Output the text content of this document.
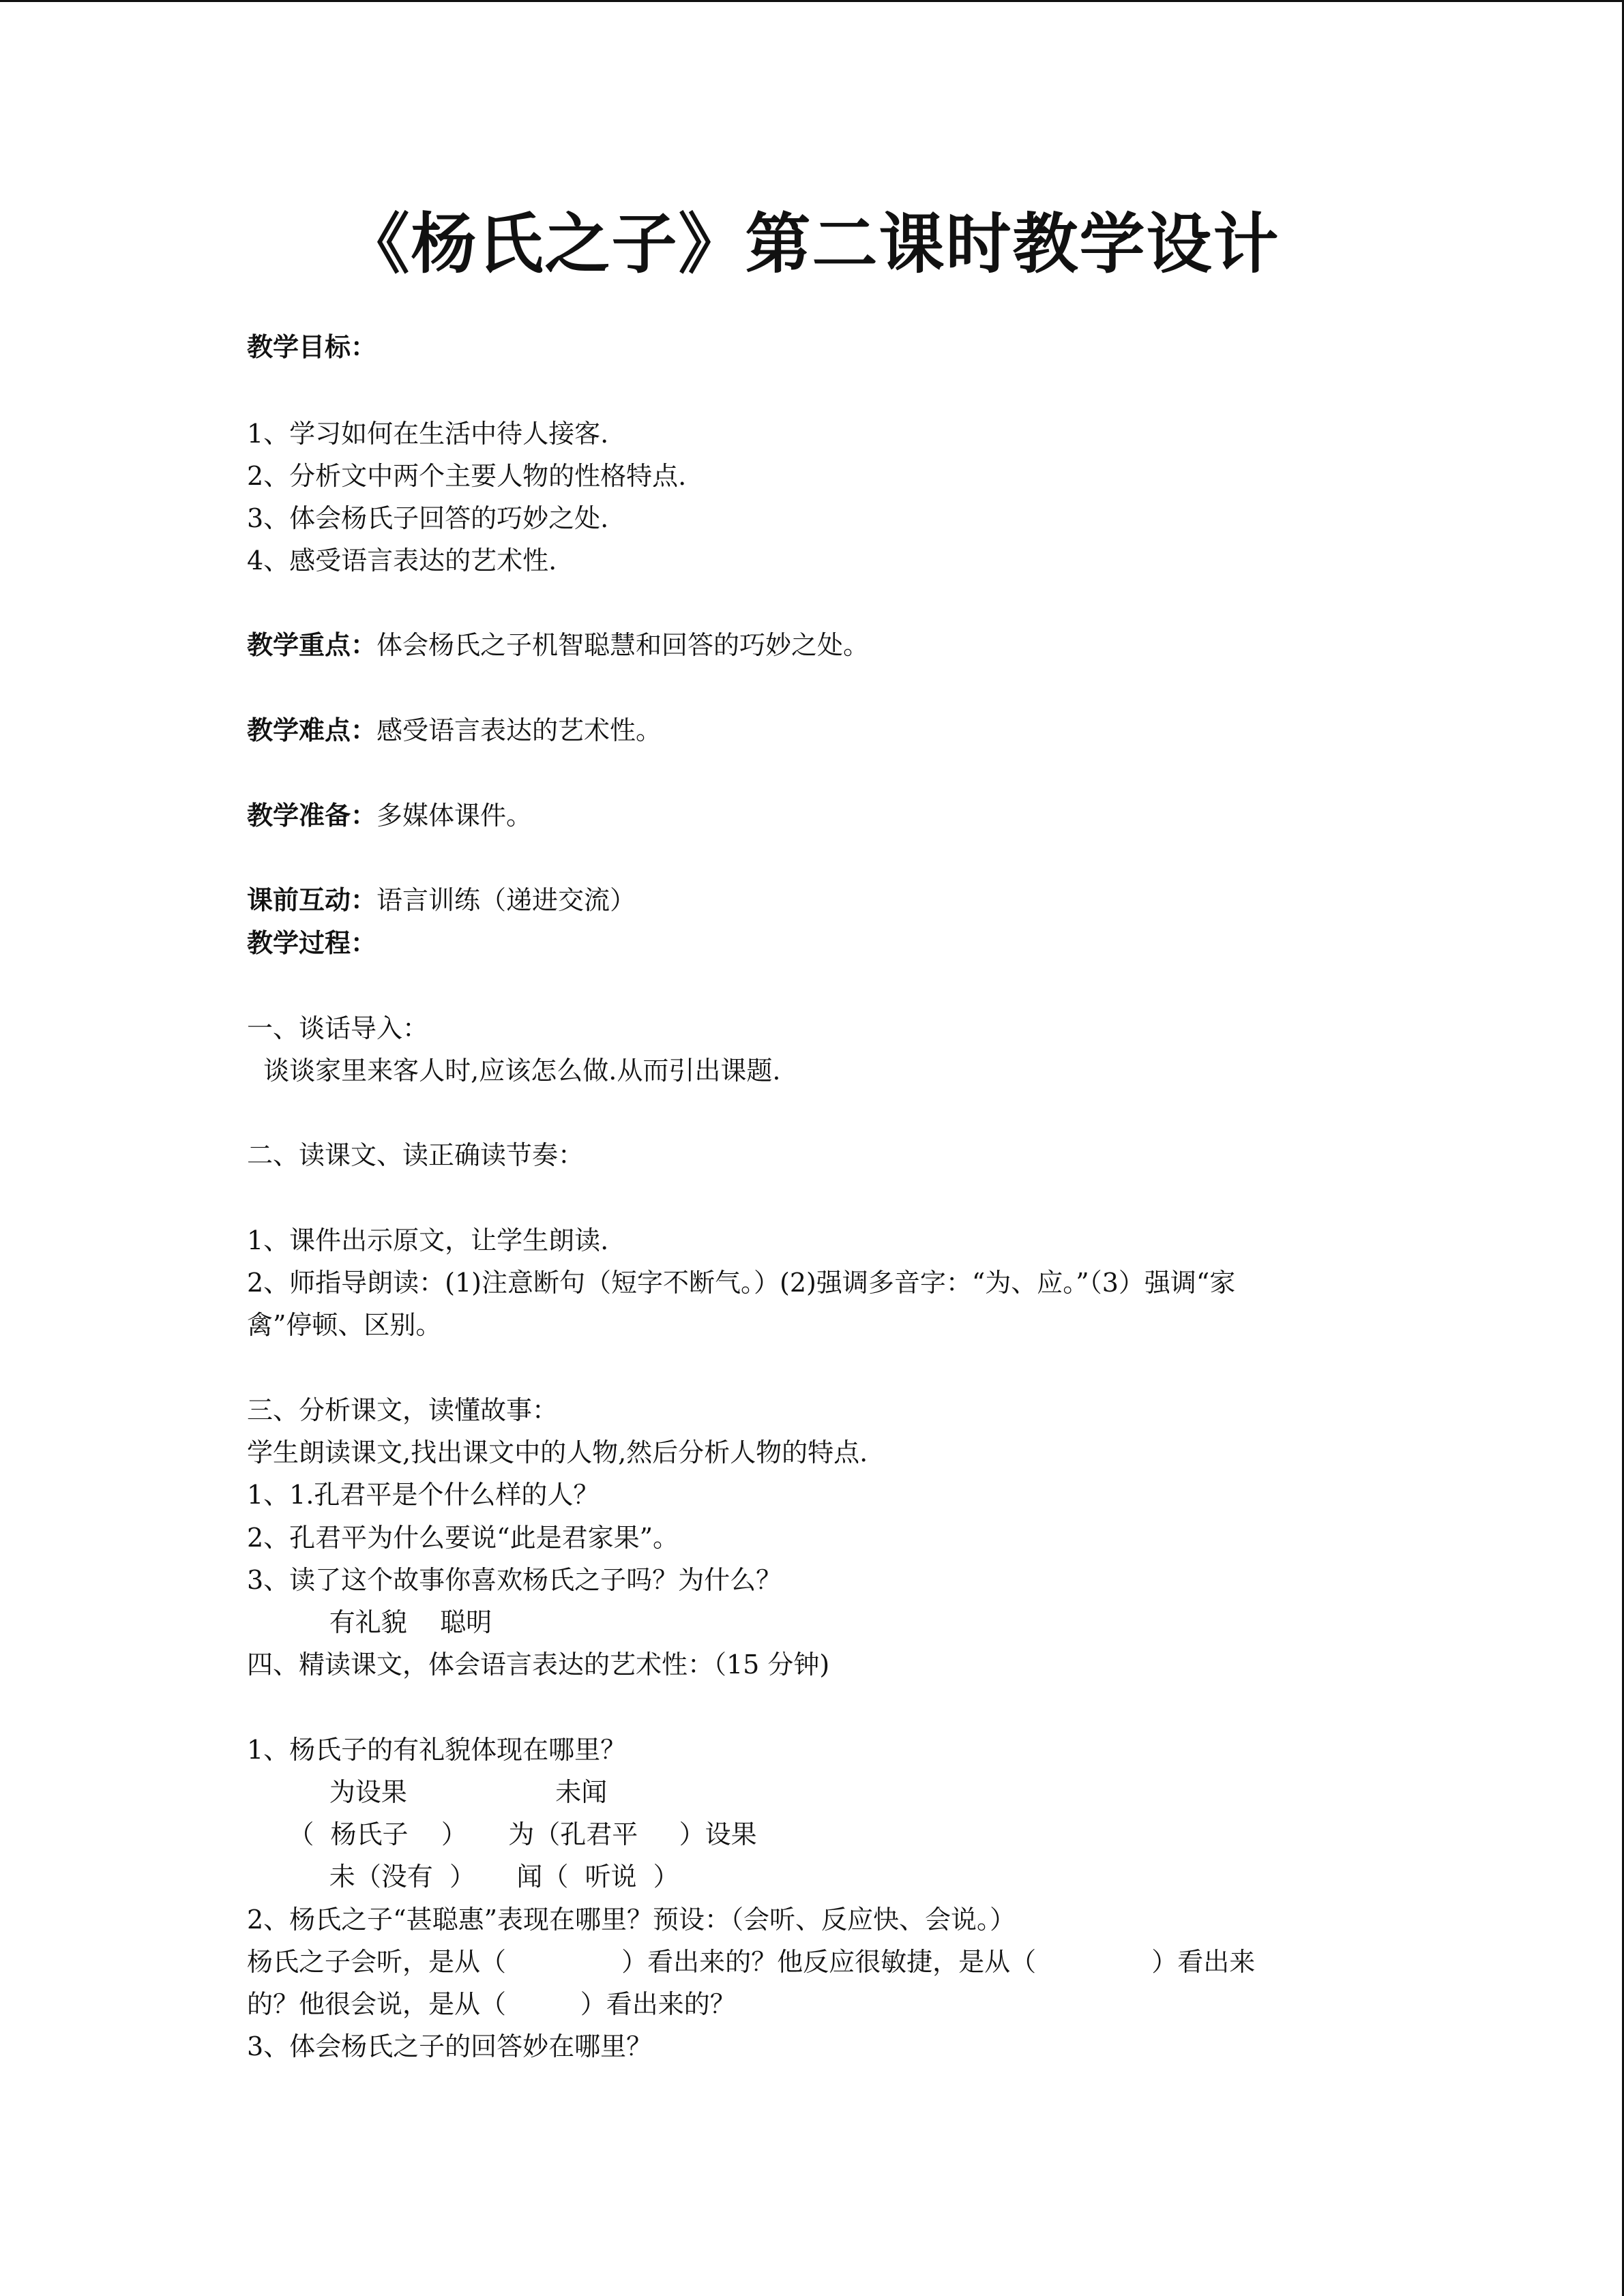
《杨氏之子》第二课时教学设计

教学目标：

1、学习如何在生活中待人接客.

2、分析文中两个主要人物的性格特点.

3、体会杨氏子回答的巧妙之处.

4、感受语言表达的艺术性.

教学重点：体会杨氏之子机智聪慧和回答的巧妙之处。

教学难点：感受语言表达的艺术性。

教学准备：多媒体课件。

课前互动：语言训练（递进交流）

教学过程：

一、谈话导入：

谈谈家里来客人时,应该怎么做.从而引出课题.

二、读课文、读正确读节奏：

1、课件出示原文，让学生朗读.

2、师指导朗读：(1)注意断句（短字不断气。）(2)强调多音字：“为、应。”（3）强调“家

禽”停顿、区别。

三、分析课文，读懂故事：

学生朗读课文,找出课文中的人物,然后分析人物的特点.

1、1.孔君平是个什么样的人？

2、孔君平为什么要说“此是君家果”。

3、读了这个故事你喜欢杨氏之子吗？为什么？

有礼貌    聪明

四、精读课文，体会语言表达的艺术性：（15 分钟)

1、杨氏子的有礼貌体现在哪里？

为设果                  未闻

（  杨氏子    ）     为（孔君平     ）设果

未（没有  ）     闻（  听说  ）

2、杨氏之子“甚聪惠”表现在哪里？预设：（会听、反应快、会说。）

杨氏之子会听，是从（              ）看出来的？他反应很敏捷，是从（              ）看出来

的？他很会说，是从（         ）看出来的？

3、体会杨氏之子的回答妙在哪里？
